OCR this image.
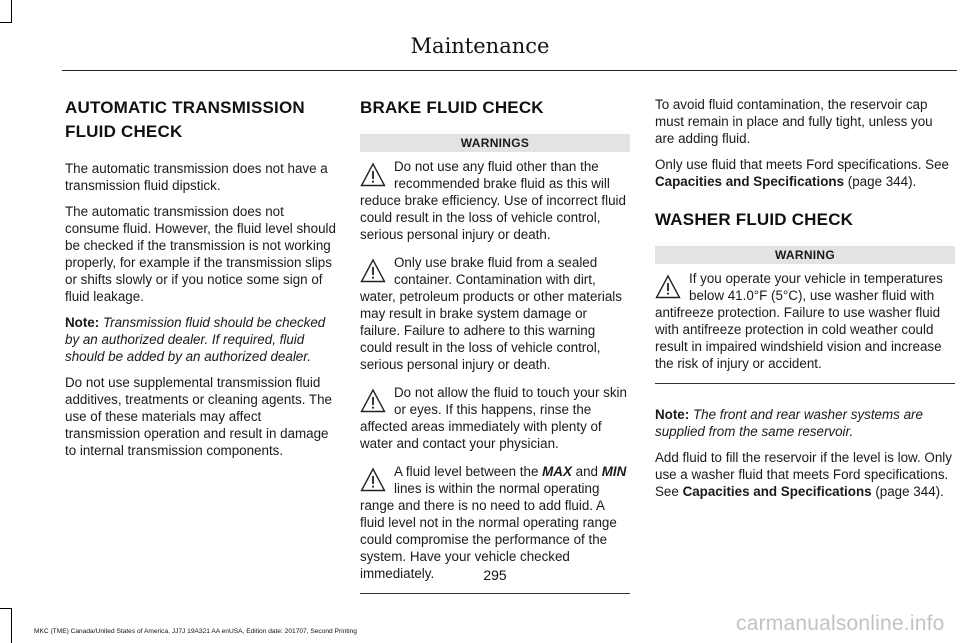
Maintenance
AUTOMATIC TRANSMISSION
FLUID CHECK

The automatic transmission does not have a transmission fluid dipstick.

The automatic transmission does not consume fluid. However, the fluid level should be checked if the transmission is not working properly, for example if the transmission slips or shifts slowly or if you notice some sign of fluid leakage.

Note: Transmission fluid should be checked by an authorized dealer. If required, fluid should be added by an authorized dealer.

Do not use supplemental transmission fluid additives, treatments or cleaning agents. The use of these materials may affect transmission operation and result in damage to internal transmission components.

BRAKE FLUID CHECK
WARNINGS
Do not use any fluid other than the recommended brake fluid as this will reduce brake efficiency. Use of incorrect fluid could result in the loss of vehicle control, serious personal injury or death.
Only use brake fluid from a sealed container. Contamination with dirt, water, petroleum products or other materials may result in brake system damage or failure. Failure to adhere to this warning could result in the loss of vehicle control, serious personal injury or death.
Do not allow the fluid to touch your skin or eyes. If this happens, rinse the affected areas immediately with plenty of water and contact your physician.
A fluid level between the MAX and MIN lines is within the normal operating range and there is no need to add fluid. A fluid level not in the normal operating range could compromise the performance of the system. Have your vehicle checked immediately.

To avoid fluid contamination, the reservoir cap must remain in place and fully tight, unless you are adding fluid.

Only use fluid that meets Ford specifications. See Capacities and Specifications (page 344).

WASHER FLUID CHECK
WARNING
If you operate your vehicle in temperatures below 41.0°F (5°C), use washer fluid with antifreeze protection. Failure to use washer fluid with antifreeze protection in cold weather could result in impaired windshield vision and increase the risk of injury or accident.

Note: The front and rear washer systems are supplied from the same reservoir.

Add fluid to fill the reservoir if the level is low. Only use a washer fluid that meets Ford specifications. See Capacities and Specifications (page 344).

295
MKC (TME) Canada/United States of America, JJ7J 19A321 AA enUSA, Edition date: 201707, Second Printing	carmanualsonline.info
